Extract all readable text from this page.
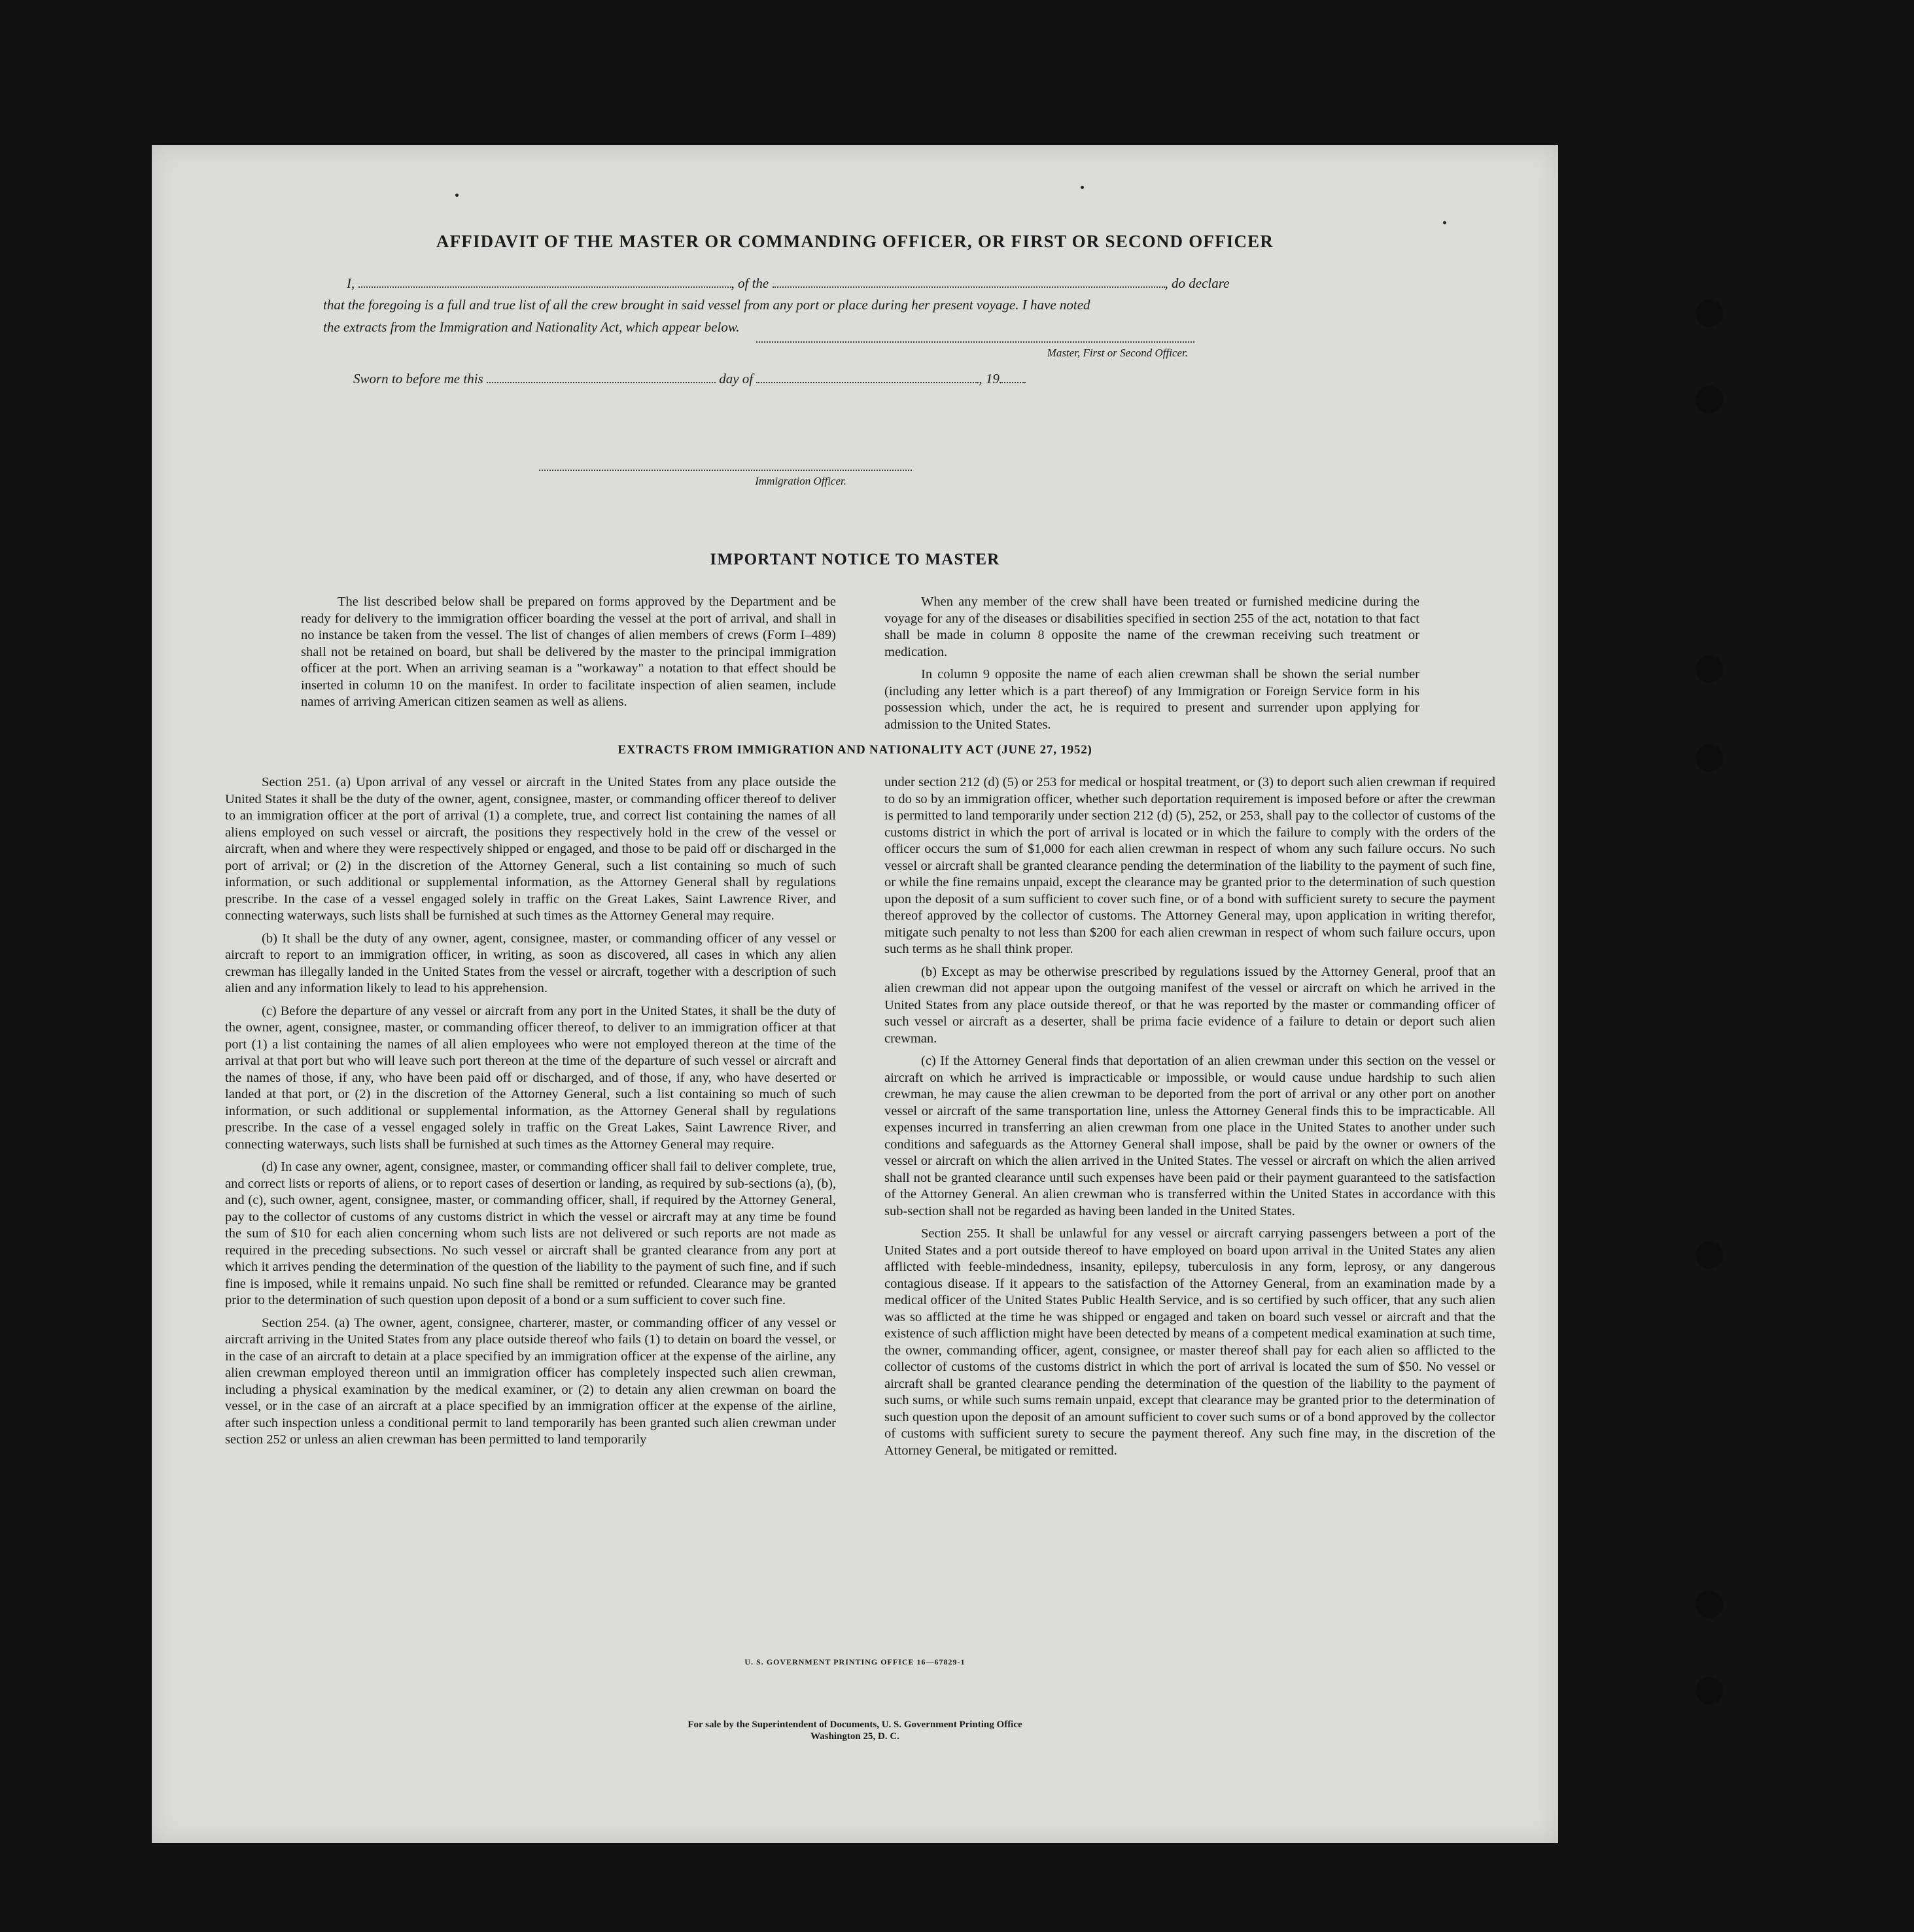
AFFIDAVIT OF THE MASTER OR COMMANDING OFFICER, OR FIRST OR SECOND OFFICER
I,	, of the	, do declare
that the foregoing is a full and true list of all the crew brought in said vessel from any port or place during her present voyage. I have noted
the extracts from the Immigration and Nationality Act, which appear below.
Master, First or Second Officer.
Sworn to before me this	day of	, 19
Immigration Officer.
IMPORTANT NOTICE TO MASTER

The list described below shall be prepared on forms approved by the Department and be ready for delivery to the immigration officer boarding the vessel at the port of arrival, and shall in no instance be taken from the vessel. The list of changes of alien members of crews (Form I–489) shall not be retained on board, but shall be delivered by the master to the principal immigration officer at the port. When an arriving seaman is a "workaway" a notation to that effect should be inserted in column 10 on the manifest. In order to facilitate inspection of alien seamen, include names of arriving American citizen seamen as well as aliens.

When any member of the crew shall have been treated or furnished medicine during the voyage for any of the diseases or disabilities specified in section 255 of the act, notation to that fact shall be made in column 8 opposite the name of the crewman receiving such treatment or medication.

In column 9 opposite the name of each alien crewman shall be shown the serial number (including any letter which is a part thereof) of any Immigration or Foreign Service form in his possession which, under the act, he is required to present and surrender upon applying for admission to the United States.

EXTRACTS FROM IMMIGRATION AND NATIONALITY ACT (JUNE 27, 1952)

Section 251. (a) Upon arrival of any vessel or aircraft in the United States from any place outside the United States it shall be the duty of the owner, agent, consignee, master, or commanding officer thereof to deliver to an immigration officer at the port of arrival (1) a complete, true, and correct list containing the names of all aliens employed on such vessel or aircraft, the positions they respectively hold in the crew of the vessel or aircraft, when and where they were respectively shipped or engaged, and those to be paid off or discharged in the port of arrival; or (2) in the discretion of the Attorney General, such a list containing so much of such information, or such additional or supplemental information, as the Attorney General shall by regulations prescribe. In the case of a vessel engaged solely in traffic on the Great Lakes, Saint Lawrence River, and connecting waterways, such lists shall be furnished at such times as the Attorney General may require.

(b) It shall be the duty of any owner, agent, consignee, master, or commanding officer of any vessel or aircraft to report to an immigration officer, in writing, as soon as discovered, all cases in which any alien crewman has illegally landed in the United States from the vessel or aircraft, together with a description of such alien and any information likely to lead to his apprehension.

(c) Before the departure of any vessel or aircraft from any port in the United States, it shall be the duty of the owner, agent, consignee, master, or commanding officer thereof, to deliver to an immigration officer at that port (1) a list containing the names of all alien employees who were not employed thereon at the time of the arrival at that port but who will leave such port thereon at the time of the departure of such vessel or aircraft and the names of those, if any, who have been paid off or discharged, and of those, if any, who have deserted or landed at that port, or (2) in the discretion of the Attorney General, such a list containing so much of such information, or such additional or supplemental information, as the Attorney General shall by regulations prescribe. In the case of a vessel engaged solely in traffic on the Great Lakes, Saint Lawrence River, and connecting waterways, such lists shall be furnished at such times as the Attorney General may require.

(d) In case any owner, agent, consignee, master, or commanding officer shall fail to deliver complete, true, and correct lists or reports of aliens, or to report cases of desertion or landing, as required by sub-sections (a), (b), and (c), such owner, agent, consignee, master, or commanding officer, shall, if required by the Attorney General, pay to the collector of customs of any customs district in which the vessel or aircraft may at any time be found the sum of $10 for each alien concerning whom such lists are not delivered or such reports are not made as required in the preceding subsections. No such vessel or aircraft shall be granted clearance from any port at which it arrives pending the determination of the question of the liability to the payment of such fine, and if such fine is imposed, while it remains unpaid. No such fine shall be remitted or refunded. Clearance may be granted prior to the determination of such question upon deposit of a bond or a sum sufficient to cover such fine.

Section 254. (a) The owner, agent, consignee, charterer, master, or commanding officer of any vessel or aircraft arriving in the United States from any place outside thereof who fails (1) to detain on board the vessel, or in the case of an aircraft to detain at a place specified by an immigration officer at the expense of the airline, any alien crewman employed thereon until an immigration officer has completely inspected such alien crewman, including a physical examination by the medical examiner, or (2) to detain any alien crewman on board the vessel, or in the case of an aircraft at a place specified by an immigration officer at the expense of the airline, after such inspection unless a conditional permit to land temporarily has been granted such alien crewman under section 252 or unless an alien crewman has been permitted to land temporarily

under section 212 (d) (5) or 253 for medical or hospital treatment, or (3) to deport such alien crewman if required to do so by an immigration officer, whether such deportation requirement is imposed before or after the crewman is permitted to land temporarily under section 212 (d) (5), 252, or 253, shall pay to the collector of customs of the customs district in which the port of arrival is located or in which the failure to comply with the orders of the officer occurs the sum of $1,000 for each alien crewman in respect of whom any such failure occurs. No such vessel or aircraft shall be granted clearance pending the determination of the liability to the payment of such fine, or while the fine remains unpaid, except the clearance may be granted prior to the determination of such question upon the deposit of a sum sufficient to cover such fine, or of a bond with sufficient surety to secure the payment thereof approved by the collector of customs. The Attorney General may, upon application in writing therefor, mitigate such penalty to not less than $200 for each alien crewman in respect of whom such failure occurs, upon such terms as he shall think proper.

(b) Except as may be otherwise prescribed by regulations issued by the Attorney General, proof that an alien crewman did not appear upon the outgoing manifest of the vessel or aircraft on which he arrived in the United States from any place outside thereof, or that he was reported by the master or commanding officer of such vessel or aircraft as a deserter, shall be prima facie evidence of a failure to detain or deport such alien crewman.

(c) If the Attorney General finds that deportation of an alien crewman under this section on the vessel or aircraft on which he arrived is impracticable or impossible, or would cause undue hardship to such alien crewman, he may cause the alien crewman to be deported from the port of arrival or any other port on another vessel or aircraft of the same transportation line, unless the Attorney General finds this to be impracticable. All expenses incurred in transferring an alien crewman from one place in the United States to another under such conditions and safeguards as the Attorney General shall impose, shall be paid by the owner or owners of the vessel or aircraft on which the alien arrived in the United States. The vessel or aircraft on which the alien arrived shall not be granted clearance until such expenses have been paid or their payment guaranteed to the satisfaction of the Attorney General. An alien crewman who is transferred within the United States in accordance with this sub-section shall not be regarded as having been landed in the United States.

Section 255. It shall be unlawful for any vessel or aircraft carrying passengers between a port of the United States and a port outside thereof to have employed on board upon arrival in the United States any alien afflicted with feeble-mindedness, insanity, epilepsy, tuberculosis in any form, leprosy, or any dangerous contagious disease. If it appears to the satisfaction of the Attorney General, from an examination made by a medical officer of the United States Public Health Service, and is so certified by such officer, that any such alien was so afflicted at the time he was shipped or engaged and taken on board such vessel or aircraft and that the existence of such affliction might have been detected by means of a competent medical examination at such time, the owner, commanding officer, agent, consignee, or master thereof shall pay for each alien so afflicted to the collector of customs of the customs district in which the port of arrival is located the sum of $50. No vessel or aircraft shall be granted clearance pending the determination of the question of the liability to the payment of such sums, or while such sums remain unpaid, except that clearance may be granted prior to the determination of such question upon the deposit of an amount sufficient to cover such sums or of a bond approved by the collector of customs with sufficient surety to secure the payment thereof. Any such fine may, in the discretion of the Attorney General, be mitigated or remitted.

U. S. GOVERNMENT PRINTING OFFICE 16—67829-1
For sale by the Superintendent of Documents, U. S. Government Printing Office
Washington 25, D. C.
